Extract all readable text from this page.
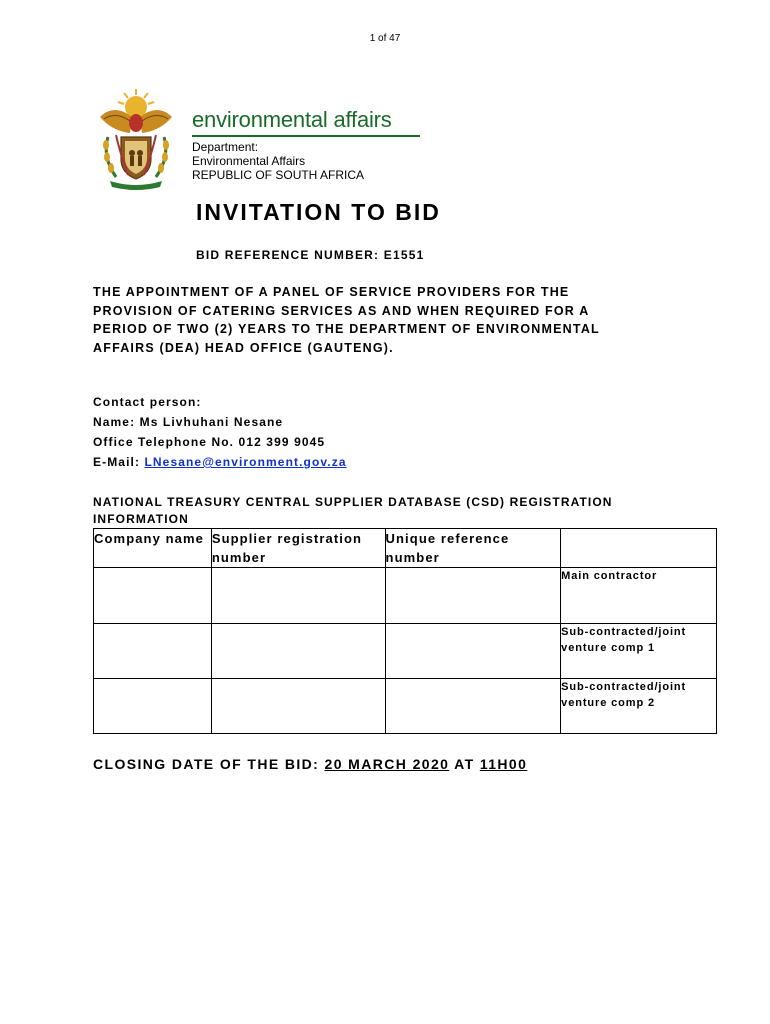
1 of 47
environmental affairs
Department:
Environmental Affairs
REPUBLIC OF SOUTH AFRICA
INVITATION TO BID
BID REFERENCE NUMBER: E1551
THE APPOINTMENT OF A PANEL OF SERVICE PROVIDERS FOR THE
PROVISION OF CATERING SERVICES AS AND WHEN REQUIRED FOR A
PERIOD OF TWO (2) YEARS TO THE DEPARTMENT OF ENVIRONMENTAL
AFFAIRS (DEA) HEAD OFFICE (GAUTENG).
Contact person:
Name: Ms Livhuhani Nesane
Office Telephone No. 012 399 9045
E-Mail: LNesane@environment.gov.za
NATIONAL TREASURY CENTRAL SUPPLIER DATABASE (CSD) REGISTRATION
INFORMATION
Company name	Supplier registration number	Unique reference number	
			Main contractor
			Sub-contracted/joint venture comp 1
			Sub-contracted/joint venture comp 2
CLOSING DATE OF THE BID: 20 MARCH 2020 AT 11H00
